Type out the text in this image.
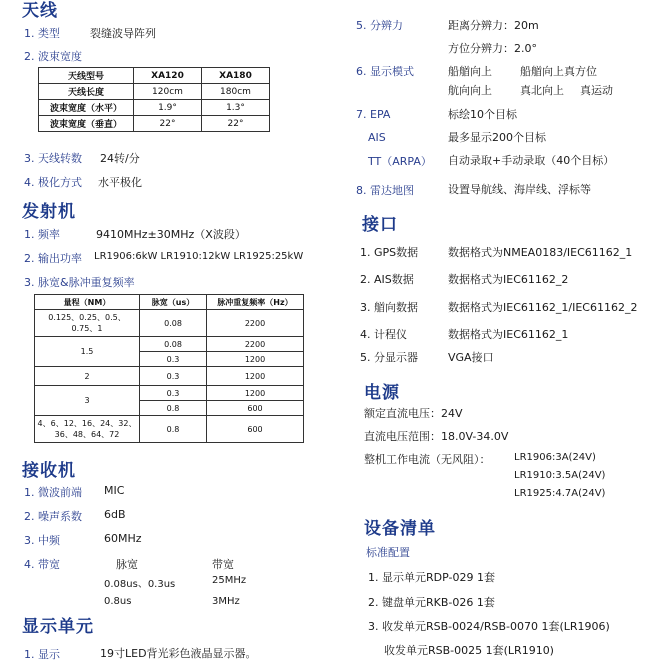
天线
1. 类型	裂缝波导阵列
2. 波束宽度
天线型号	XA120	XA180
天线长度	120cm	180cm
波束宽度（水平）	1.9°	1.3°
波束宽度（垂直）	22°	22°
3. 天线转数 24转/分
4. 极化方式 水平极化
发射机
1. 频率	9410MHz±30MHz（X波段）
2. 输出功率 LR1906:6kW LR1910:12kW LR1925:25kW
3. 脉宽&脉冲重复频率
量程（NM）	脉宽（us）	脉冲重复频率（Hz）
0.125、0.25、0.5、0.75、1	0.08	2200
1.5	0.08	2200
	0.3	1200
2	0.3	1200
3	0.3	1200
	0.8	600
4、6、12、16、24、32、36、48、64、72	0.8	600
接收机
1. 微波前端 MIC
2. 噪声系数 6dB
3. 中频	60MHz
4. 带宽	脉宽	带宽
0.08us、0.3us	25MHz
0.8us	3MHz
显示单元
1. 显示	19寸LED背光彩色液晶显示器。
5. 分辨力	距离分辨力：20m
方位分辨力：2.0°
6. 显示模式	船艏向上	船艏向上真方位
航向向上	真北向上 真运动
7. EPA	标绘10个目标
AIS	最多显示200个目标
TT（ARPA） 自动录取+手动录取（40个目标）
8. 雷达地图	设置导航线、海岸线、浮标等
接口
1. GPS数据	数据格式为NMEA0183/IEC61162_1
2. AIS数据	数据格式为IEC61162_2
3. 艏向数据	数据格式为IEC61162_1/IEC61162_2
4. 计程仪	数据格式为IEC61162_1
5. 分显示器	VGA接口
电源
额定直流电压：24V
直流电压范围：18.0V-34.0V
整机工作电流（无风阻）： LR1906:3A(24V)
LR1910:3.5A(24V)
LR1925:4.7A(24V)
设备清单
标准配置
1. 显示单元RDP-029 1套
2. 键盘单元RKB-026 1套
3. 收发单元RSB-0024/RSB-0070 1套(LR1906)
收发单元RSB-0025 1套(LR1910)
